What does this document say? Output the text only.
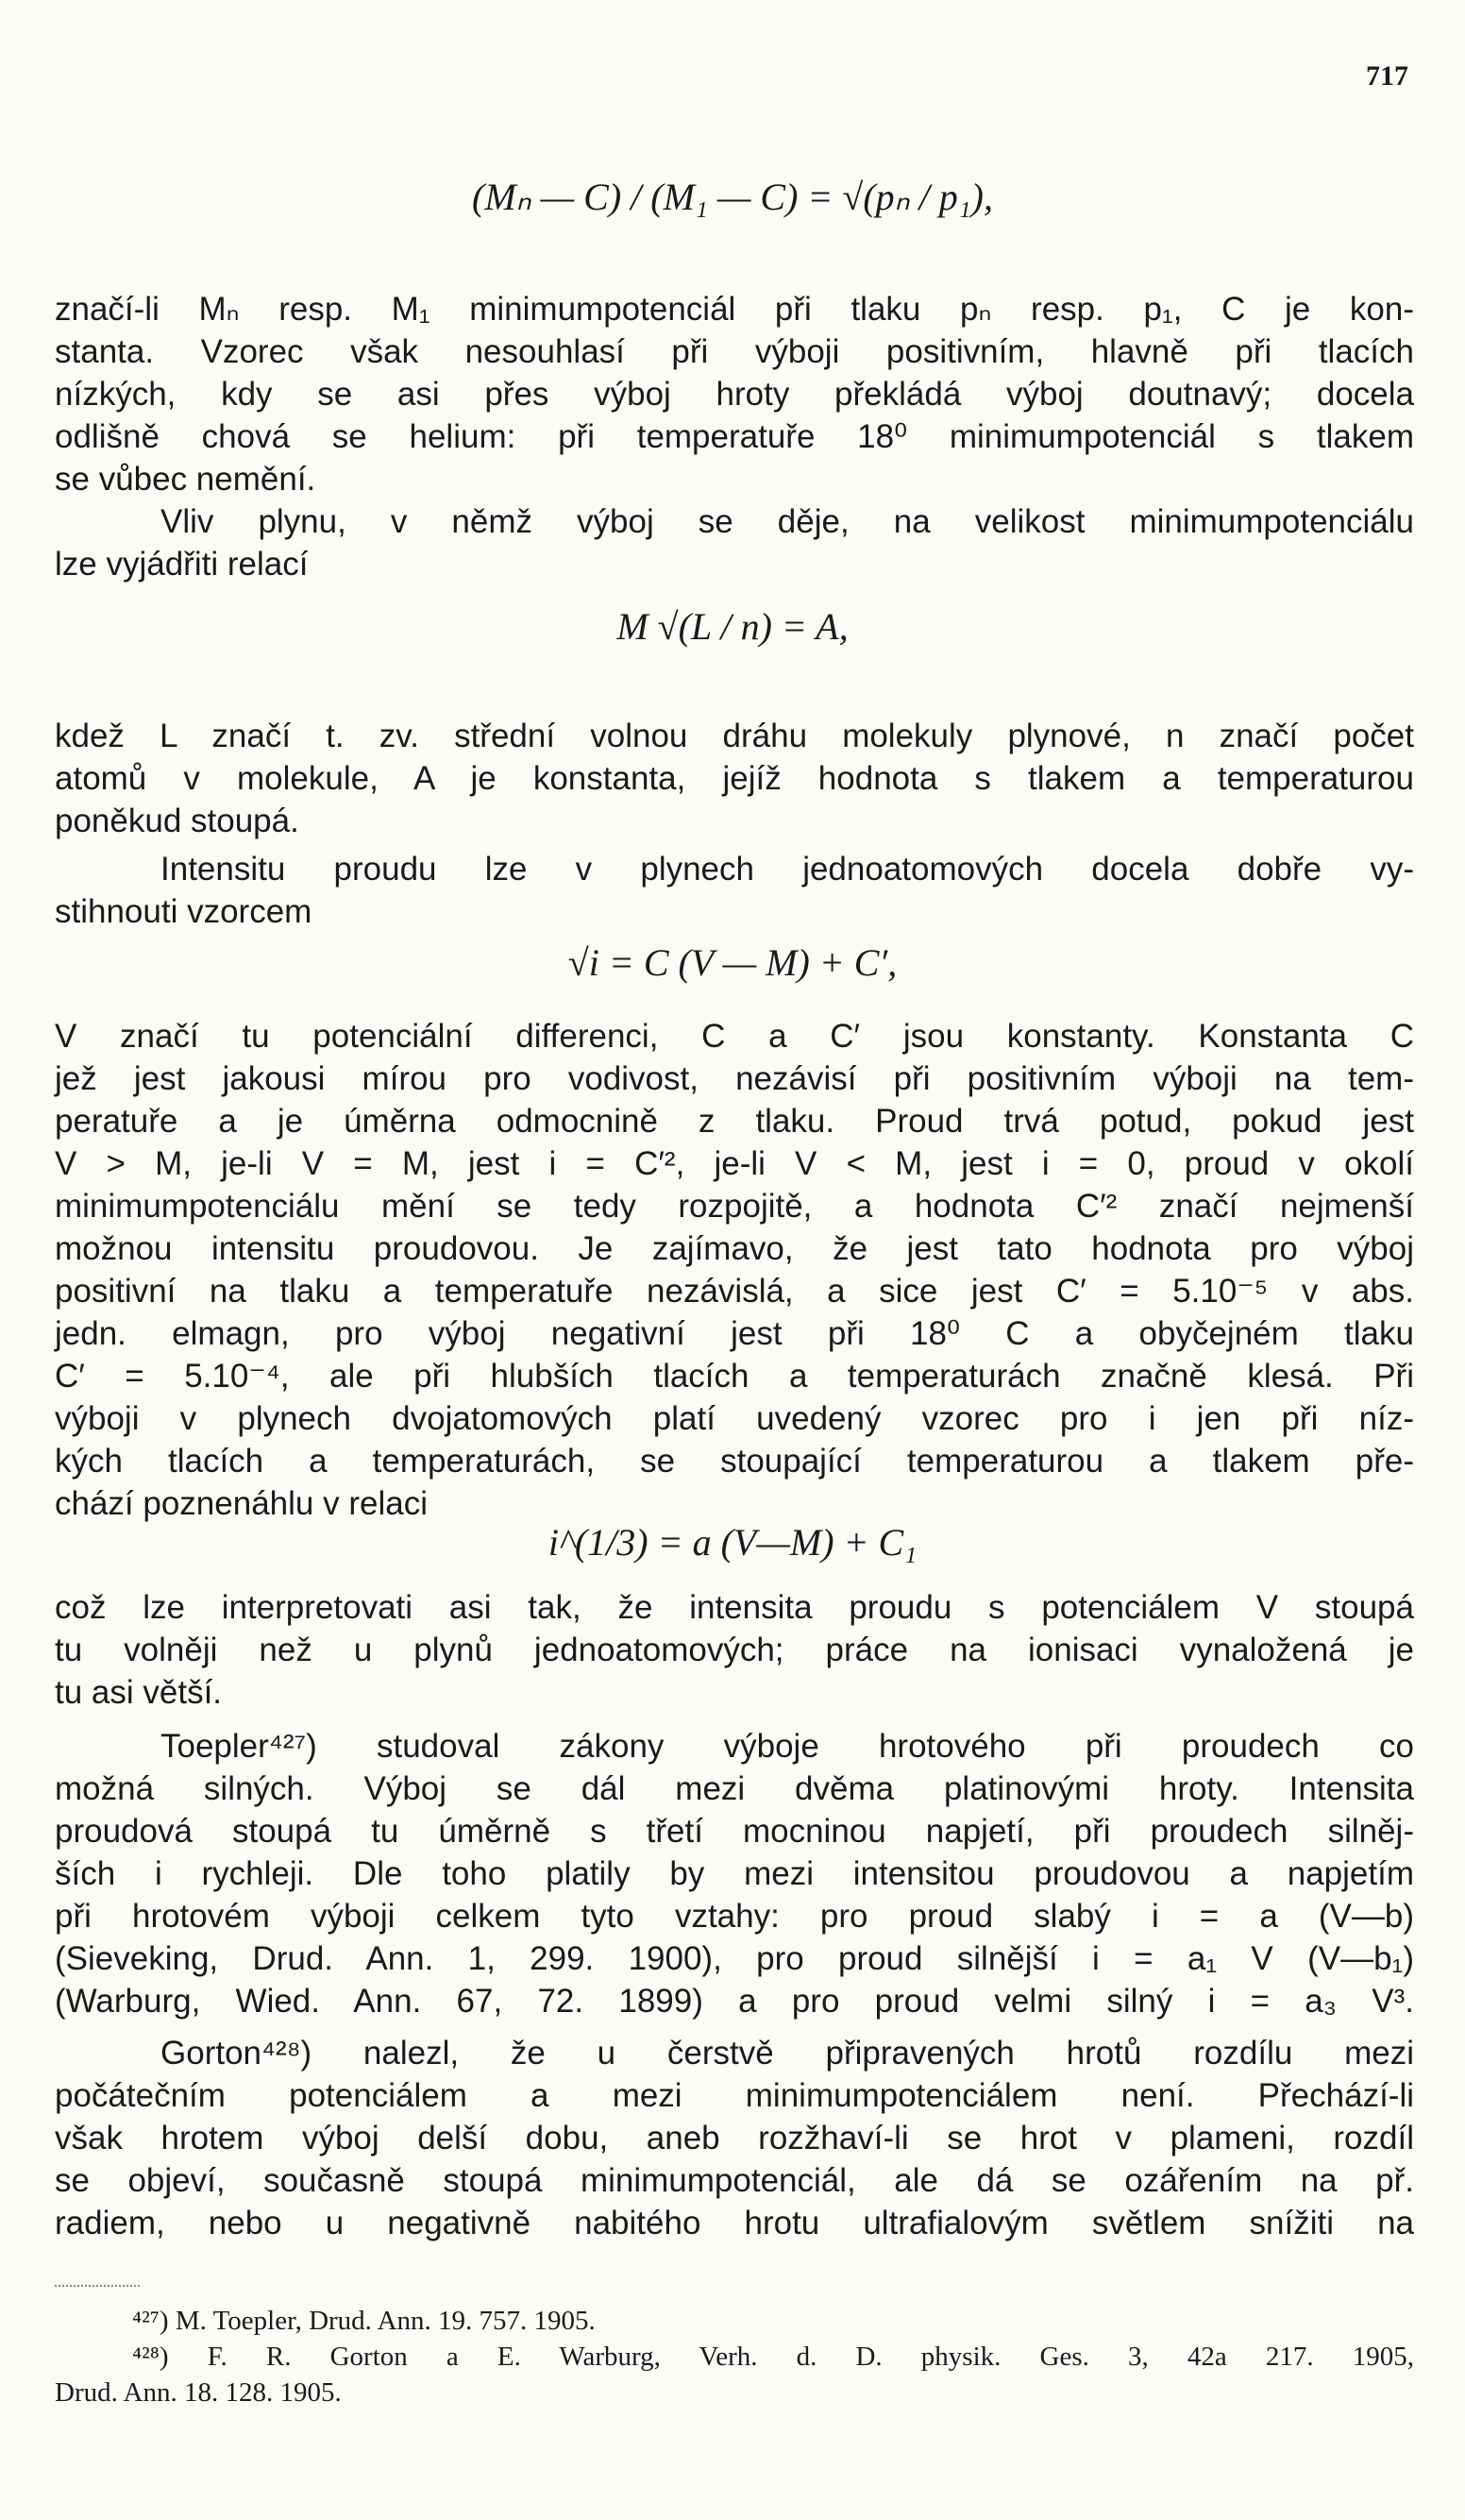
717
(Mₙ — C) / (M₁ — C) = √(pₙ / p₁),
značí-li Mₙ resp. M₁ minimumpotenciál při tlaku pₙ resp. p₁, C je kon-
stanta. Vzorec však nesouhlasí při výboji positivním, hlavně při tlacích
nízkých, kdy se asi přes výboj hroty překládá výboj doutnavý; docela
odlišně chová se helium: při temperatuře 18⁰ minimumpotenciál s tlakem
se vůbec nemění.
Vliv plynu, v němž výboj se děje, na velikost minimumpotenciálu
lze vyjádřiti relací
M √(L / n) = A,
kdež L značí t. zv. střední volnou dráhu molekuly plynové, n značí počet
atomů v molekule, A je konstanta, jejíž hodnota s tlakem a temperaturou
poněkud stoupá.
Intensitu proudu lze v plynech jednoatomových docela dobře vy-
stihnouti vzorcem
√i = C (V — M) + C′,
V značí tu potenciální differenci, C a C′ jsou konstanty. Konstanta C
jež jest jakousi mírou pro vodivost, nezávisí při positivním výboji na tem-
peratuře a je úměrna odmocnině z tlaku. Proud trvá potud, pokud jest
V > M, je-li V = M, jest i = C′², je-li V < M, jest i = 0, proud v okolí
minimumpotenciálu mění se tedy rozpojitě, a hodnota C′² značí nejmenší
možnou intensitu proudovou. Je zajímavo, že jest tato hodnota pro výboj
positivní na tlaku a temperatuře nezávislá, a sice jest C′ = 5.10⁻⁵ v abs.
jedn. elmagn, pro výboj negativní jest při 18⁰ C a obyčejném tlaku
C′ = 5.10⁻⁴, ale při hlubších tlacích a temperaturách značně klesá. Při
výboji v plynech dvojatomových platí uvedený vzorec pro i jen při níz-
kých tlacích a temperaturách, se stoupající temperaturou a tlakem pře-
chází poznenáhlu v relaci
i^(1/3) = a (V—M) + C₁
což lze interpretovati asi tak, že intensita proudu s potenciálem V stoupá
tu volněji než u plynů jednoatomových; práce na ionisaci vynaložená je
tu asi větší.
Toepler⁴²⁷) studoval zákony výboje hrotového při proudech co
možná silných. Výboj se dál mezi dvěma platinovými hroty. Intensita
proudová stoupá tu úměrně s třetí mocninou napjetí, při proudech silněj-
ších i rychleji. Dle toho platily by mezi intensitou proudovou a napjetím
při hrotovém výboji celkem tyto vztahy: pro proud slabý i = a (V—b)
(Sieveking, Drud. Ann. 1, 299. 1900), pro proud silnější i = a₁ V (V—b₁)
(Warburg, Wied. Ann. 67, 72. 1899) a pro proud velmi silný i = a₃ V³.
Gorton⁴²⁸) nalezl, že u čerstvě připravených hrotů rozdílu mezi
počátečním potenciálem a mezi minimumpotenciálem není. Přechází-li
však hrotem výboj delší dobu, aneb rozžhaví-li se hrot v plameni, rozdíl
se objeví, současně stoupá minimumpotenciál, ale dá se ozářením na př.
radiem, nebo u negativně nabitého hrotu ultrafialovým světlem snížiti na
⁴²⁷) M. Toepler, Drud. Ann. 19. 757. 1905.
⁴²⁸) F. R. Gorton a E. Warburg, Verh. d. D. physik. Ges. 3, 42a 217. 1905,
Drud. Ann. 18. 128. 1905.
